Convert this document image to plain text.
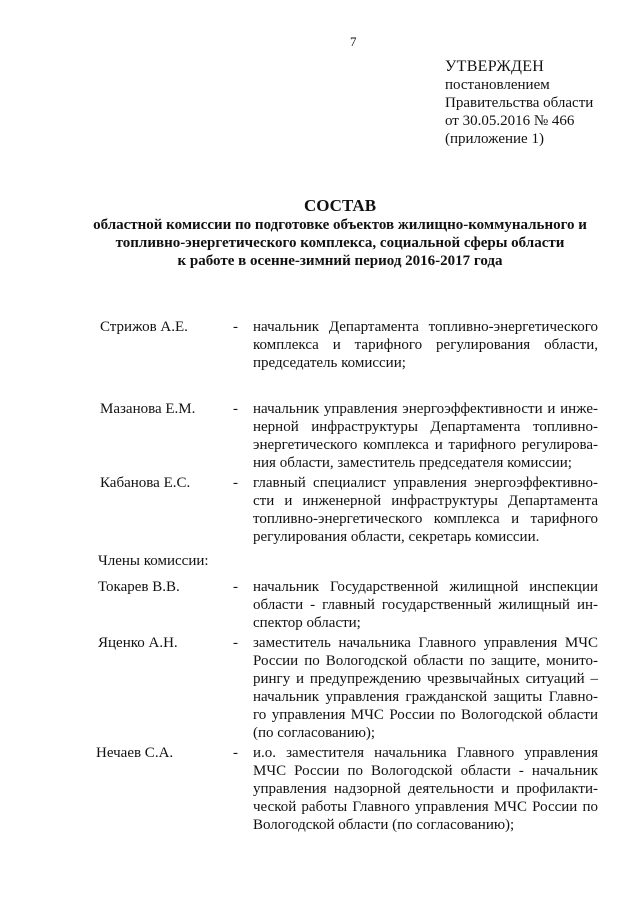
7
УТВЕРЖДЕН
постановлением
Правительства области
от 30.05.2016 № 466
(приложение 1)
СОСТАВ
областной комиссии по подготовке объектов жилищно-коммунального и
топливно-энергетического комплекса, социальной сферы области
к работе в осенне-зимний период 2016-2017 года
Стрижов А.Е.	- начальник Департамента топливно-энергетического
комплекса и тарифного регулирования области,
председатель комиссии;
Мазанова Е.М.	- начальник управления энергоэффективности и инже-
нерной инфраструктуры Департамента топливно-
энергетического комплекса и тарифного регулирова-
ния области, заместитель председателя комиссии;
Кабанова Е.С.	- главный специалист управления энергоэффективно-
сти и инженерной инфраструктуры Департамента
топливно-энергетического комплекса и тарифного
регулирования области, секретарь комиссии.
Члены комиссии:
Токарев В.В.	- начальник Государственной жилищной инспекции
области - главный государственный жилищный ин-
спектор области;
Яценко А.Н.	- заместитель начальника Главного управления МЧС
России по Вологодской области по защите, монито-
рингу и предупреждению чрезвычайных ситуаций –
начальник управления гражданской защиты Главно-
го управления МЧС России по Вологодской области
(по согласованию);
Нечаев С.А.	- и.о. заместителя начальника Главного управления
МЧС России по Вологодской области - начальник
управления надзорной деятельности и профилакти-
ческой работы Главного управления МЧС России по
Вологодской области (по согласованию);
